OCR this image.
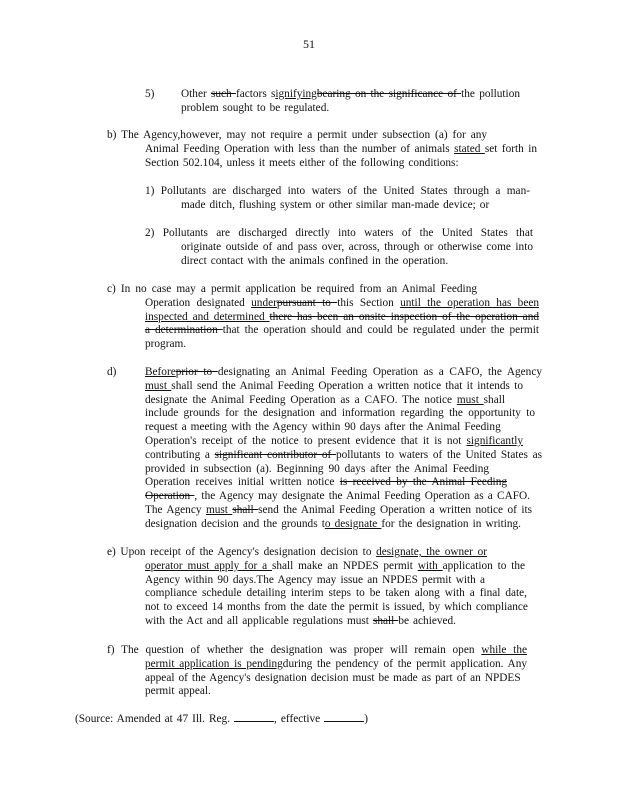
51
5) Other such factors signifyingbearing on the significance of the pollution
problem sought to be regulated.
b) The Agency,however, may not require a permit under subsection (a) for any
Animal Feeding Operation with less than the number of animals stated set forth in
Section 502.104, unless it meets either of the following conditions:
1) Pollutants are discharged into waters of the United States through a man-
made ditch, flushing system or other similar man-made device; or
2) Pollutants are discharged directly into waters of the United States that
originate outside of and pass over, across, through or otherwise come into
direct contact with the animals confined in the operation.
c) In no case may a permit application be required from an Animal Feeding
Operation designated underpursuant to this Section until the operation has been
inspected and determined there has been an onsite inspection of the operation and
a determination that the operation should and could be regulated under the permit
program.
d)	Beforeprior to designating an Animal Feeding Operation as a CAFO, the Agency
must shall send the Animal Feeding Operation a written notice that it intends to
designate the Animal Feeding Operation as a CAFO. The notice must shall
include grounds for the designation and information regarding the opportunity to
request a meeting with the Agency within 90 days after the Animal Feeding
Operation's receipt of the notice to present evidence that it is not significantly
contributing a significant contributor of pollutants to waters of the United States as
provided in subsection (a). Beginning 90 days after the Animal Feeding
Operation receives initial written notice is received by the Animal Feeding
Operation , the Agency may designate the Animal Feeding Operation as a CAFO.
The Agency must shall send the Animal Feeding Operation a written notice of its
designation decision and the grounds to designate for the designation in writing.
e) Upon receipt of the Agency's designation decision to designate, the owner or
operator must apply for a shall make an NPDES permit with application to the
Agency within 90 days.The Agency may issue an NPDES permit with a
compliance schedule detailing interim steps to be taken along with a final date,
not to exceed 14 months from the date the permit is issued, by which compliance
with the Act and all applicable regulations must shall be achieved.
f) The question of whether the designation was proper will remain open while the
permit application is pendingduring the pendency of the permit application. Any
appeal of the Agency's designation decision must be made as part of an NPDES
permit appeal.
(Source: Amended at 47 Ill. Reg.	, effective	)
